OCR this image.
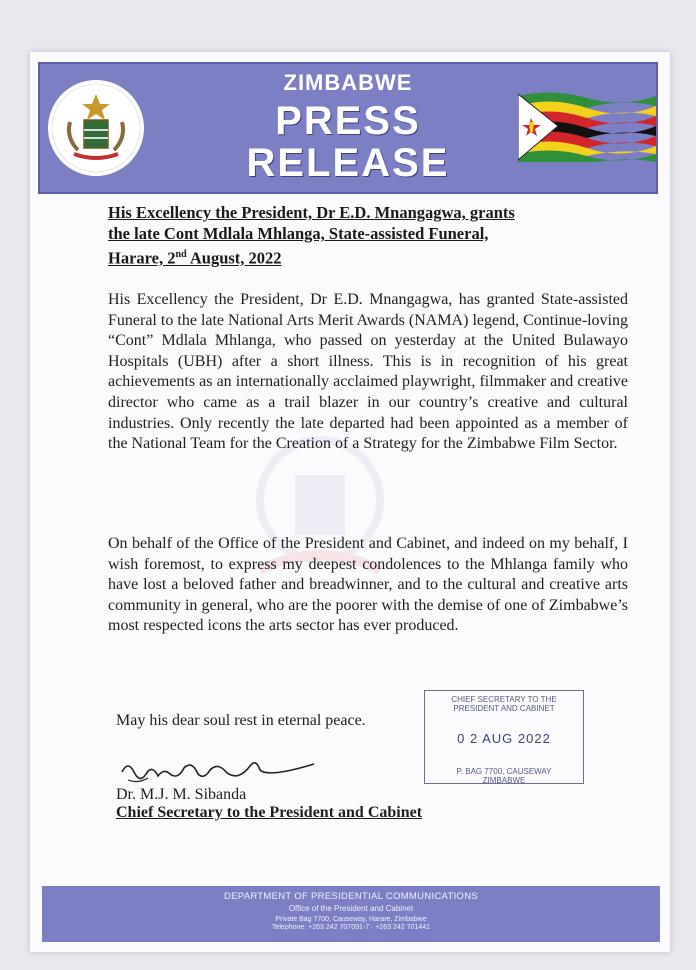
ZIMBABWE
PRESS
RELEASE
His Excellency the President, Dr E.D. Mnangagwa, grants
the late Cont Mdlala Mhlanga, State-assisted Funeral,
Harare, 2nd August, 2022
His Excellency the President, Dr E.D. Mnangagwa, has granted State-assisted Funeral to the late National Arts Merit Awards (NAMA) legend, Continue-loving “Cont” Mdlala Mhlanga, who passed on yesterday at the United Bulawayo Hospitals (UBH) after a short illness. This is in recognition of his great achievements as an internationally acclaimed playwright, filmmaker and creative director who came as a trail blazer in our country’s creative and cultural industries. Only recently the late departed had been appointed as a member of the National Team for the Creation of a Strategy for the Zimbabwe Film Sector.
On behalf of the Office of the President and Cabinet, and indeed on my behalf, I wish foremost, to express my deepest condolences to the Mhlanga family who have lost a beloved father and breadwinner, and to the cultural and creative arts community in general, who are the poorer with the demise of one of Zimbabwe’s most respected icons the arts sector has ever produced.
May his dear soul rest in eternal peace.
CHIEF SECRETARY TO THE
PRESIDENT AND CABINET
0 2 AUG 2022
P. BAG 7700, CAUSEWAY
ZIMBABWE
Dr. M.J. M. Sibanda
Chief Secretary to the President and Cabinet
DEPARTMENT OF PRESIDENTIAL COMMUNICATIONS
Office of the President and Cabinet
Private Bag 7700, Causeway, Harare, Zimbabwe
Telephone: +263 242 707091-7 · +263 242 701441
